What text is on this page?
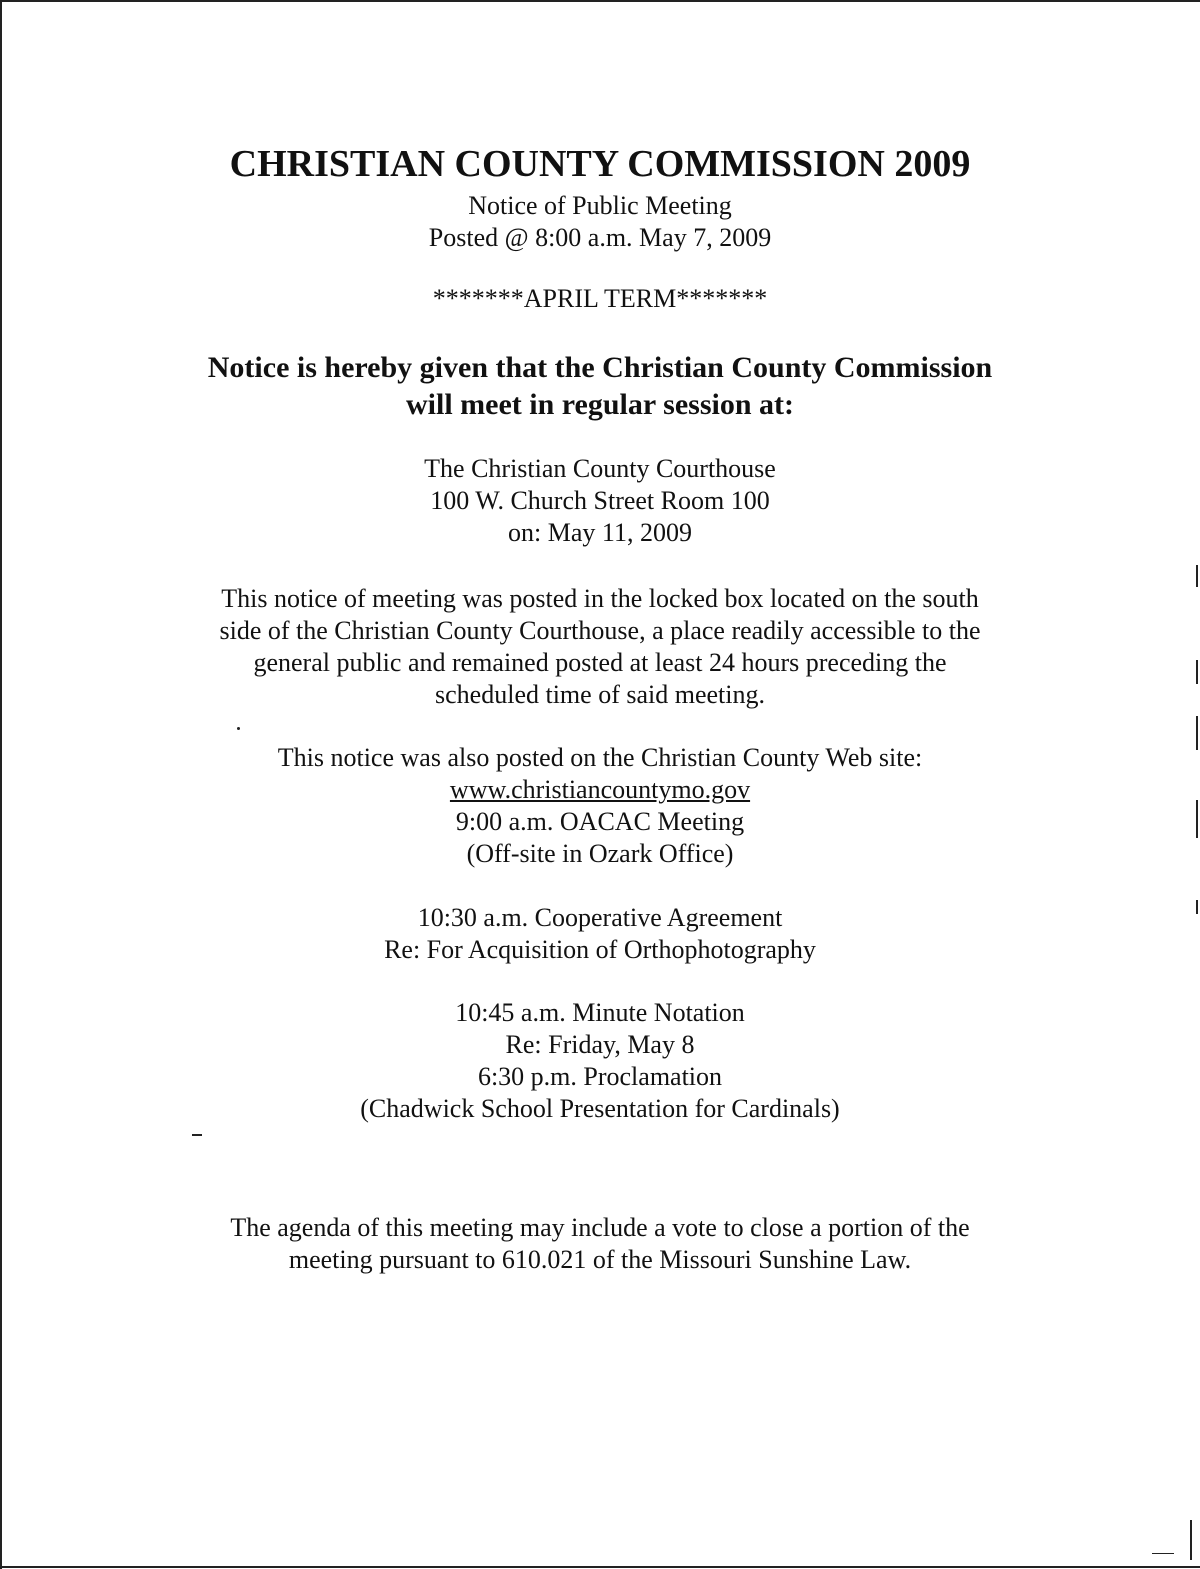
CHRISTIAN COUNTY COMMISSION 2009
Notice of Public Meeting
Posted @ 8:00 a.m. May 7, 2009
*******APRIL TERM*******
Notice is hereby given that the Christian County Commission
will meet in regular session at:
The Christian County Courthouse
100 W. Church Street Room 100
on: May 11, 2009
This notice of meeting was posted in the locked box located on the south
side of the Christian County Courthouse, a place readily accessible to the
general public and remained posted at least 24 hours preceding the
scheduled time of said meeting.
This notice was also posted on the Christian County Web site:
www.christiancountymo.gov
9:00 a.m. OACAC Meeting
(Off-site in Ozark Office)
10:30 a.m. Cooperative Agreement
Re: For Acquisition of Orthophotography
10:45 a.m. Minute Notation
Re: Friday, May 8
6:30 p.m. Proclamation
(Chadwick School Presentation for Cardinals)
The agenda of this meeting may include a vote to close a portion of the
meeting pursuant to 610.021 of the Missouri Sunshine Law.
